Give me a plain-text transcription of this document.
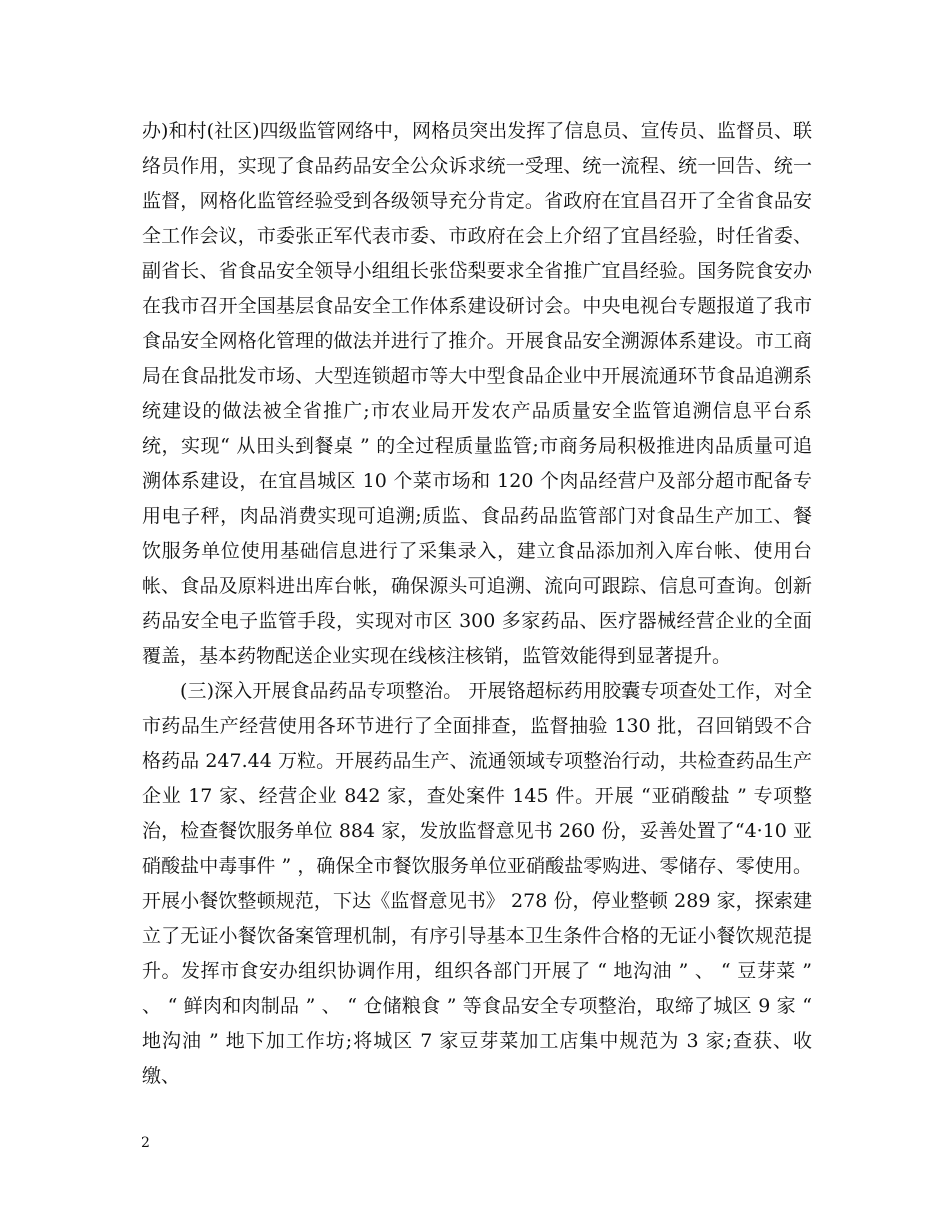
办)和村(社区)四级监管网络中，网格员突出发挥了信息员、宣传员、监督员、联络员作用，实现了食品药品安全公众诉求统一受理、统一流程、统一回告、统一监督，网格化监管经验受到各级领导充分肯定。省政府在宜昌召开了全省食品安全工作会议，市委张正军代表市委、市政府在会上介绍了宜昌经验，时任省委、副省长、省食品安全领导小组组长张岱梨要求全省推广宜昌经验。国务院食安办在我市召开全国基层食品安全工作体系建设研讨会。中央电视台专题报道了我市食品安全网格化管理的做法并进行了推介。开展食品安全溯源体系建设。市工商局在食品批发市场、大型连锁超市等大中型食品企业中开展流通环节食品追溯系统建设的做法被全省推广;市农业局开发农产品质量安全监管追溯信息平台系统，实现“ 从田头到餐桌 ” 的全过程质量监管;市商务局积极推进肉品质量可追溯体系建设，在宜昌城区 10 个菜市场和 120 个肉品经营户及部分超市配备专用电子秤，肉品消费实现可追溯;质监、食品药品监管部门对食品生产加工、餐饮服务单位使用基础信息进行了采集录入，建立食品添加剂入库台帐、使用台帐、食品及原料进出库台帐，确保源头可追溯、流向可跟踪、信息可查询。创新药品安全电子监管手段，实现对市区 300 多家药品、医疗器械经营企业的全面覆盖，基本药物配送企业实现在线核注核销，监管效能得到显著提升。

(三)深入开展食品药品专项整治。 开展铬超标药用胶囊专项查处工作，对全市药品生产经营使用各环节进行了全面排查，监督抽验 130 批，召回销毁不合格药品 247.44 万粒。开展药品生产、流通领域专项整治行动，共检查药品生产企业 17 家、经营企业 842 家，查处案件 145 件。开展 “亚硝酸盐 ” 专项整治，检查餐饮服务单位 884 家，发放监督意见书 260 份，妥善处置了“4·10 亚硝酸盐中毒事件 ” ，确保全市餐饮服务单位亚硝酸盐零购进、零储存、零使用。开展小餐饮整顿规范，下达《监督意见书》 278 份，停业整顿 289 家，探索建立了无证小餐饮备案管理机制，有序引导基本卫生条件合格的无证小餐饮规范提升。发挥市食安办组织协调作用，组织各部门开展了 “ 地沟油 ” 、 “ 豆芽菜 ” 、 “ 鲜肉和肉制品 ” 、 “ 仓储粮食 ” 等食品安全专项整治，取缔了城区 9 家 “ 地沟油 ” 地下加工作坊;将城区 7 家豆芽菜加工店集中规范为 3 家;查获、收缴、

2
